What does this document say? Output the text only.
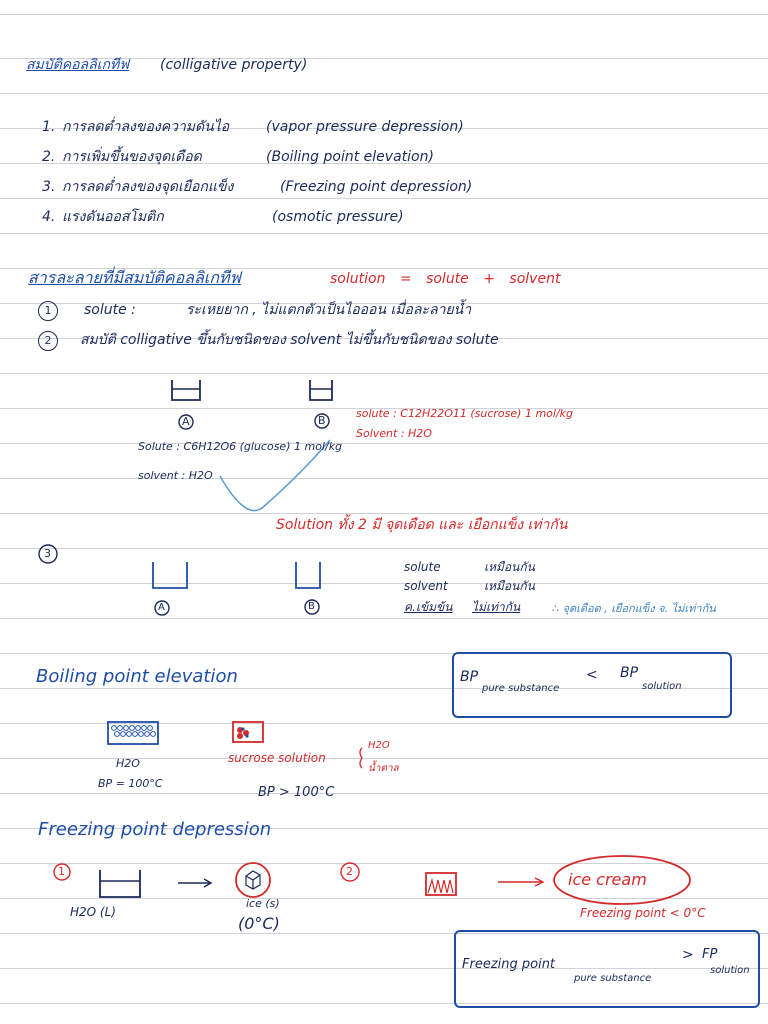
สมบัติคอลลิเกทีฟ (colligative property)
1. การลดต่ำลงของความดันไอ	(vapor pressure depression)
2. การเพิ่มขึ้นของจุดเดือด	(Boiling point elevation)
3. การลดต่ำลงของจุดเยือกแข็ง	(Freezing point depression)
4. แรงดันออสโมติก	(osmotic pressure)
สารละลายที่มีสมบัติคอลลิเกทีฟ	solution = solute + solvent
1	solute :	ระเหยยาก , ไม่แตกตัวเป็นไอออน เมื่อละลายน้ำ
2	สมบัติ colligative ขึ้นกับชนิดของ solvent ไม่ขึ้นกับชนิดของ solute
A	B
Solute : C6H12O6 (glucose) 1 mol/kg
solvent : H2O
solute : C12H22O11 (sucrose) 1 mol/kg
Solvent : H2O
Solution ทั้ง 2 มี จุดเดือด และ เยือกแข็ง เท่ากัน
3
A	B
solute	เหมือนกัน
solvent	เหมือนกัน
ค.เข้มข้น ไม่เท่ากัน	∴ จุดเดือด , เยือกแข็ง จ. ไม่เท่ากัน
Boiling point elevation	BP
pure substance
< BP
solution
H2O
BP = 100°C
sucrose solution
H2O
น้ำตาล
BP > 100°C
Freezing point depression
1	2
H2O (L)
ice (s)
(0°C)
ice cream
Freezing point < 0°C
Freezing point
pure substance
> FP
solution
